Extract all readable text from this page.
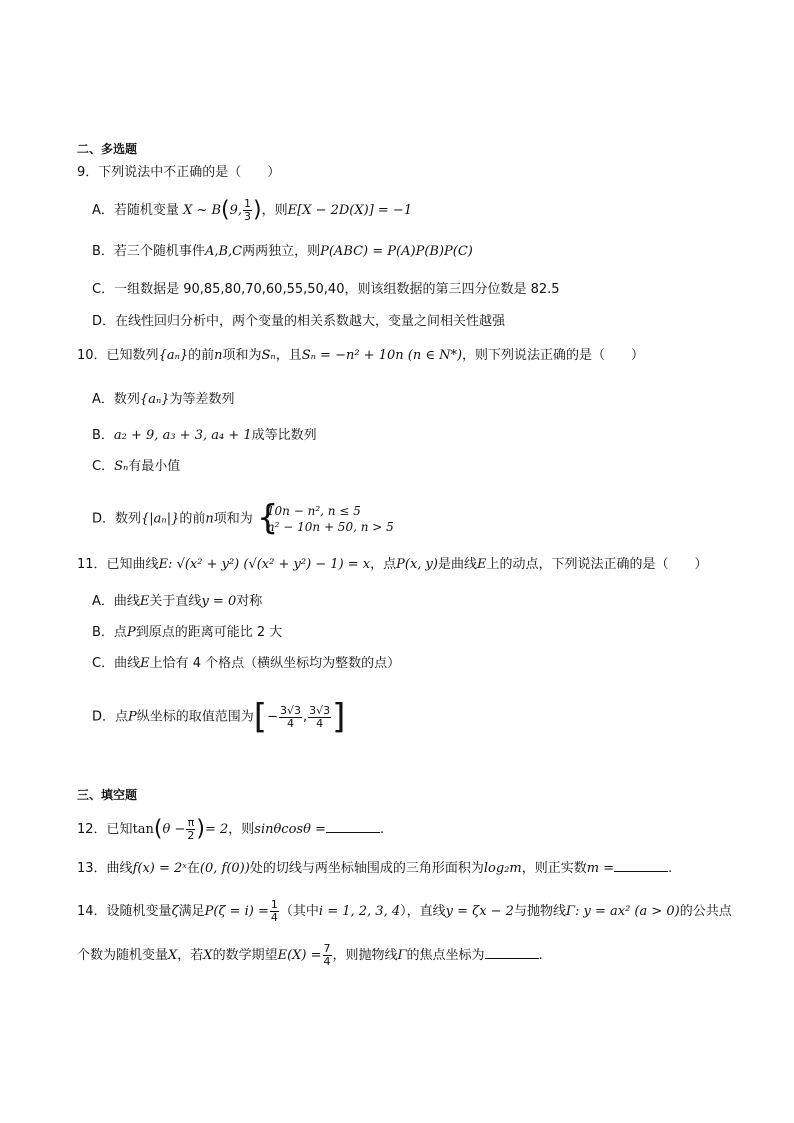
二、多选题
9．下列说法中不正确的是（　　）
A．若随机变量 X ~ B(9, $\frac{1}{3}$ )，则E[X − 2D(X)] = −1
B．若三个随机事件A,B,C两两独立，则P(ABC) = P(A)P(B)P(C)
C．一组数据是 90,85,80,70,60,55,50,40，则该组数据的第三四分位数是 82.5
D．在线性回归分析中，两个变量的相关系数越大，变量之间相关性越强
10．已知数列{aₙ}的前n项和为Sₙ，且Sₙ = −n² + 10n (n ∈ N*)，则下列说法正确的是（　　）
A．数列{aₙ}为等差数列
B．a₂ + 9, a₃ + 3, a₄ + 1成等比数列
C．Sₙ有最小值
D．数列{|aₙ|}的前n项和为 {
10n − n², n ≤ 5
n² − 10n + 50, n > 5
11．已知曲线E: √(x² + y²) (√(x² + y²) − 1) = x，点P(x, y)是曲线E上的动点，下列说法正确的是（　　）
A．曲线E关于直线y = 0对称
B．点P到原点的距离可能比 2 大
C．曲线E上恰有 4 个格点（横纵坐标均为整数的点）
D．点P纵坐标的取值范围为[− $\frac{3√3}{4}$ , $\frac{3√3}{4}$ ]
三、填空题
12．已知$\tan(\theta - \frac{\pi}{2}$ )= 2，则sinθcosθ =	.
13．曲线f(x) = 2ˣ在(0, f(0))处的切线与两坐标轴围成的三角形面积为log₂m，则正实数m =	.
14．设随机变量ζ满足$P(\zeta = i) = \frac{1}{4}$ （其中i = 1, 2, 3, 4），直线y = ζx − 2与抛物线Γ: y = ax² (a > 0)的公共点
个数为随机变量X，若X的数学期望$E(X) = \frac{7}{4}$ ，则抛物线Γ的焦点坐标为	.
